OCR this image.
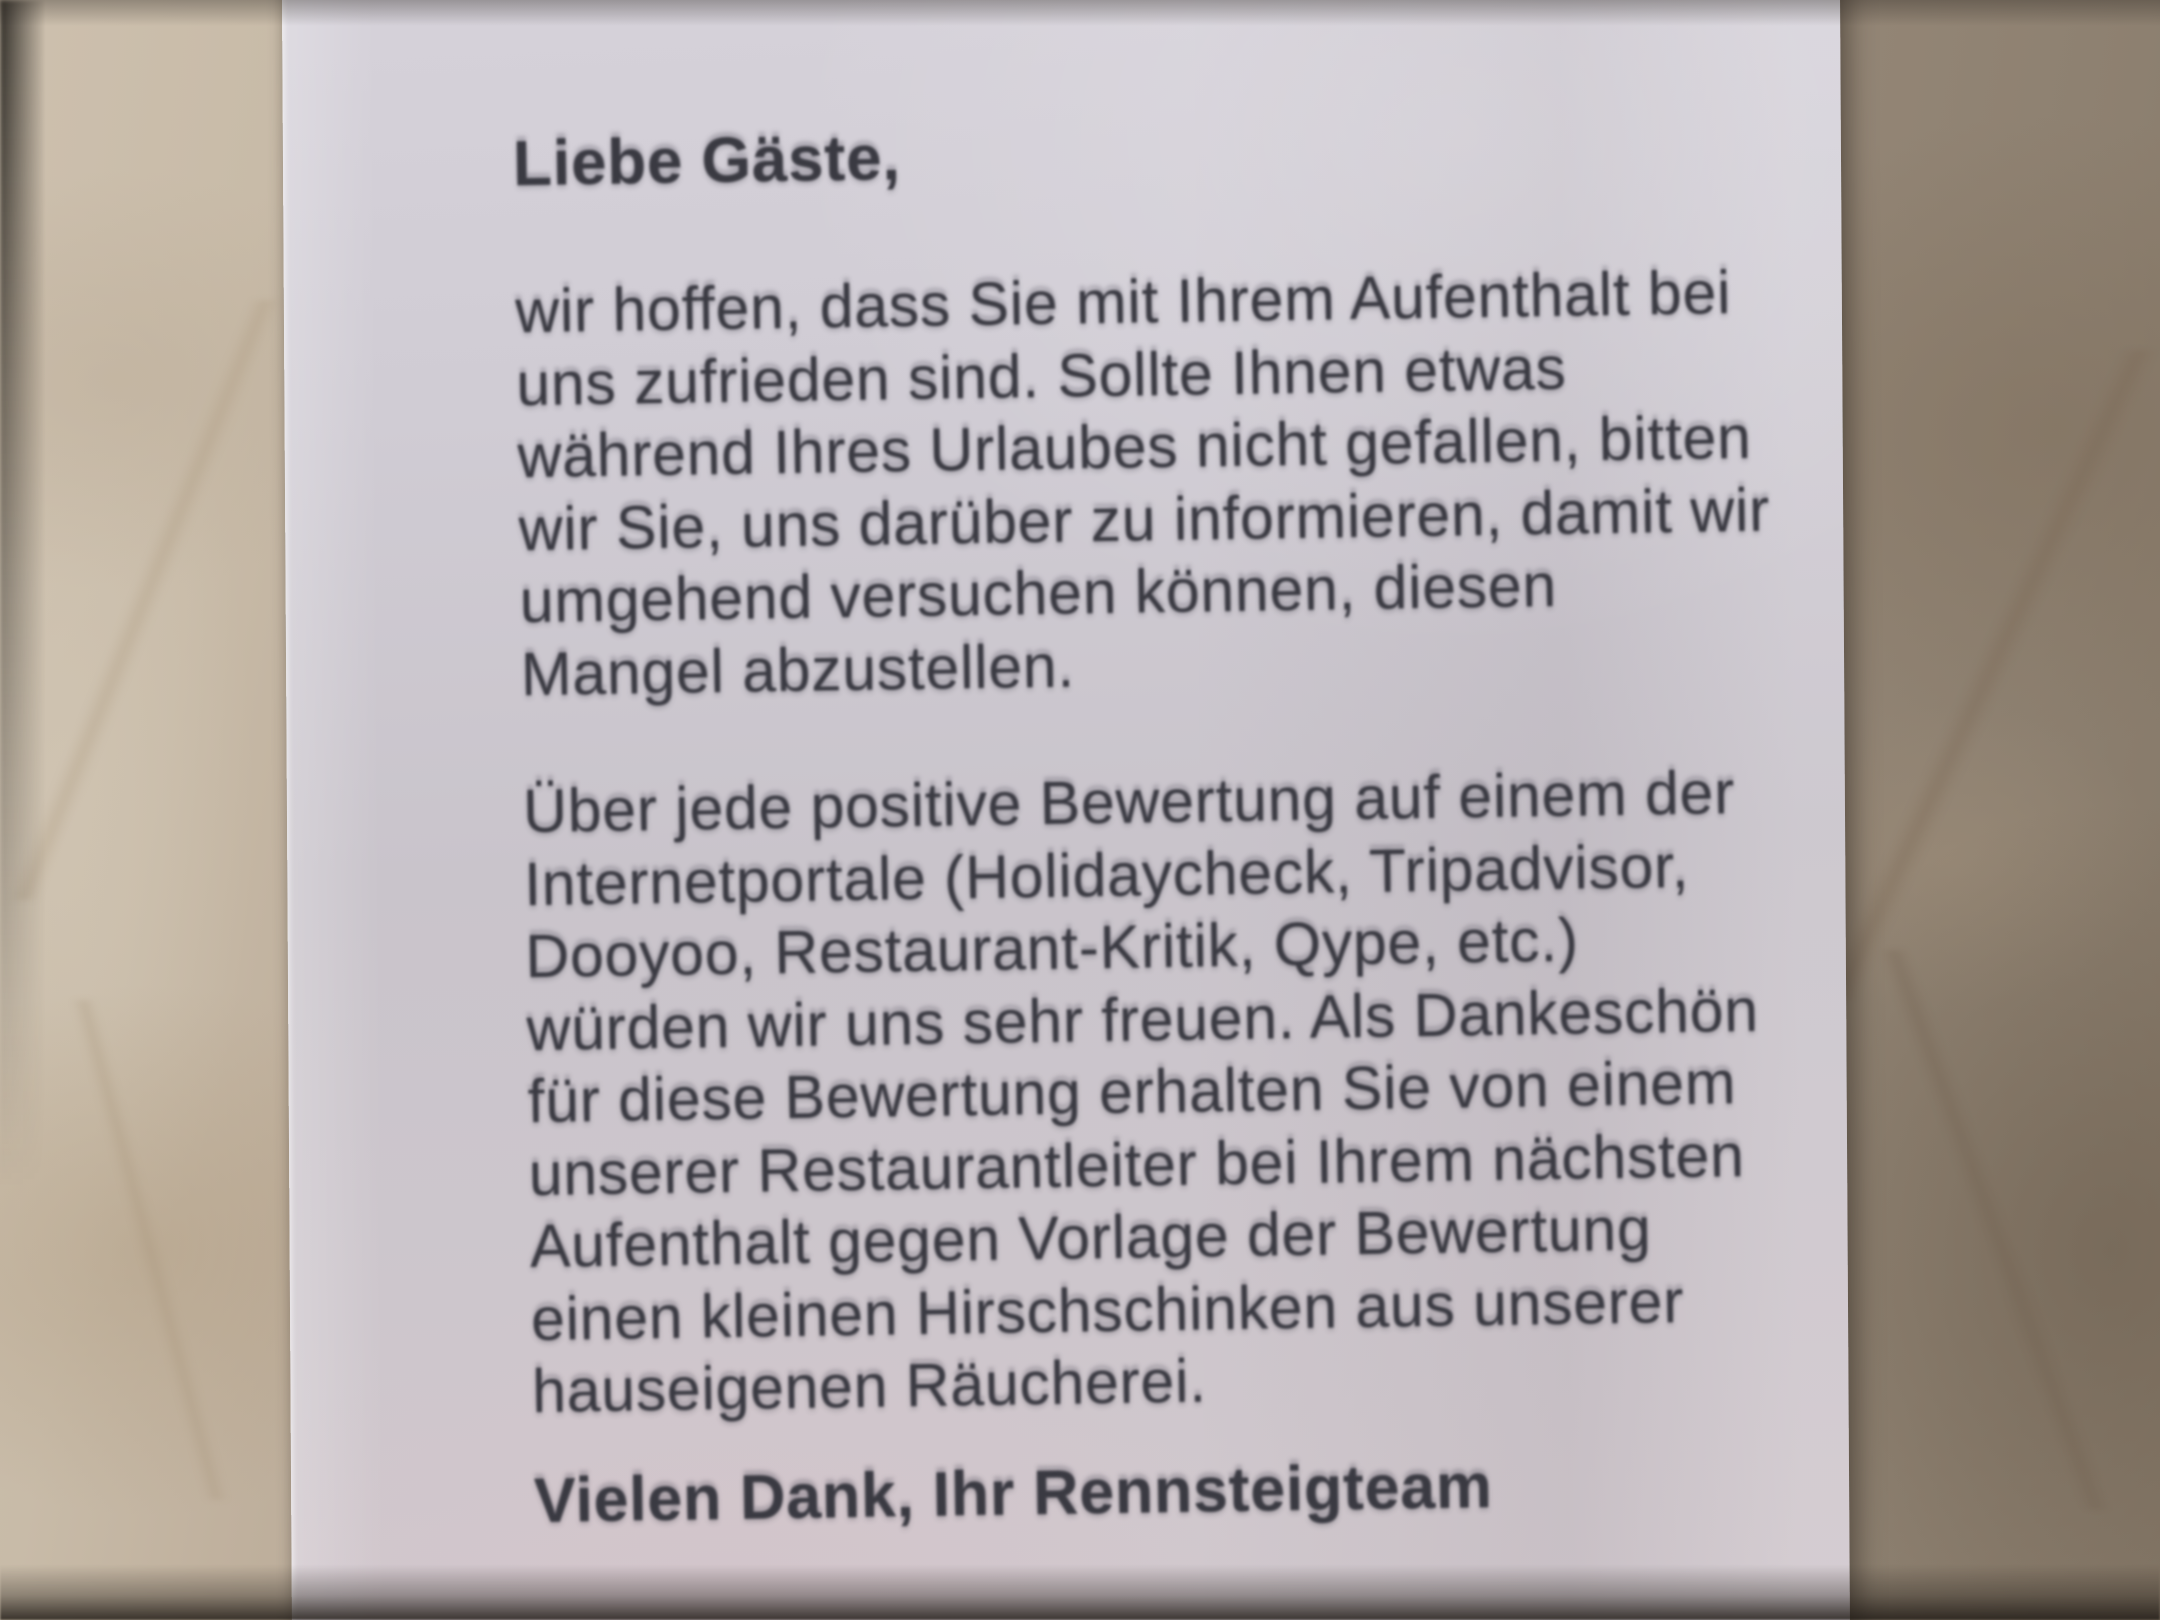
Liebe Gäste,
wir hoffen, dass Sie mit Ihrem Aufenthalt bei
uns zufrieden sind. Sollte Ihnen etwas
während Ihres Urlaubes nicht gefallen, bitten
wir Sie, uns darüber zu informieren, damit wir
umgehend versuchen können, diesen
Mangel abzustellen.
Über jede positive Bewertung auf einem der
Internetportale (Holidaycheck, Tripadvisor,
Dooyoo, Restaurant-Kritik, Qype, etc.)
würden wir uns sehr freuen. Als Dankeschön
für diese Bewertung erhalten Sie von einem
unserer Restaurantleiter bei Ihrem nächsten
Aufenthalt gegen Vorlage der Bewertung
einen kleinen Hirschschinken aus unserer
hauseigenen Räucherei.
Vielen Dank, Ihr Rennsteigteam
